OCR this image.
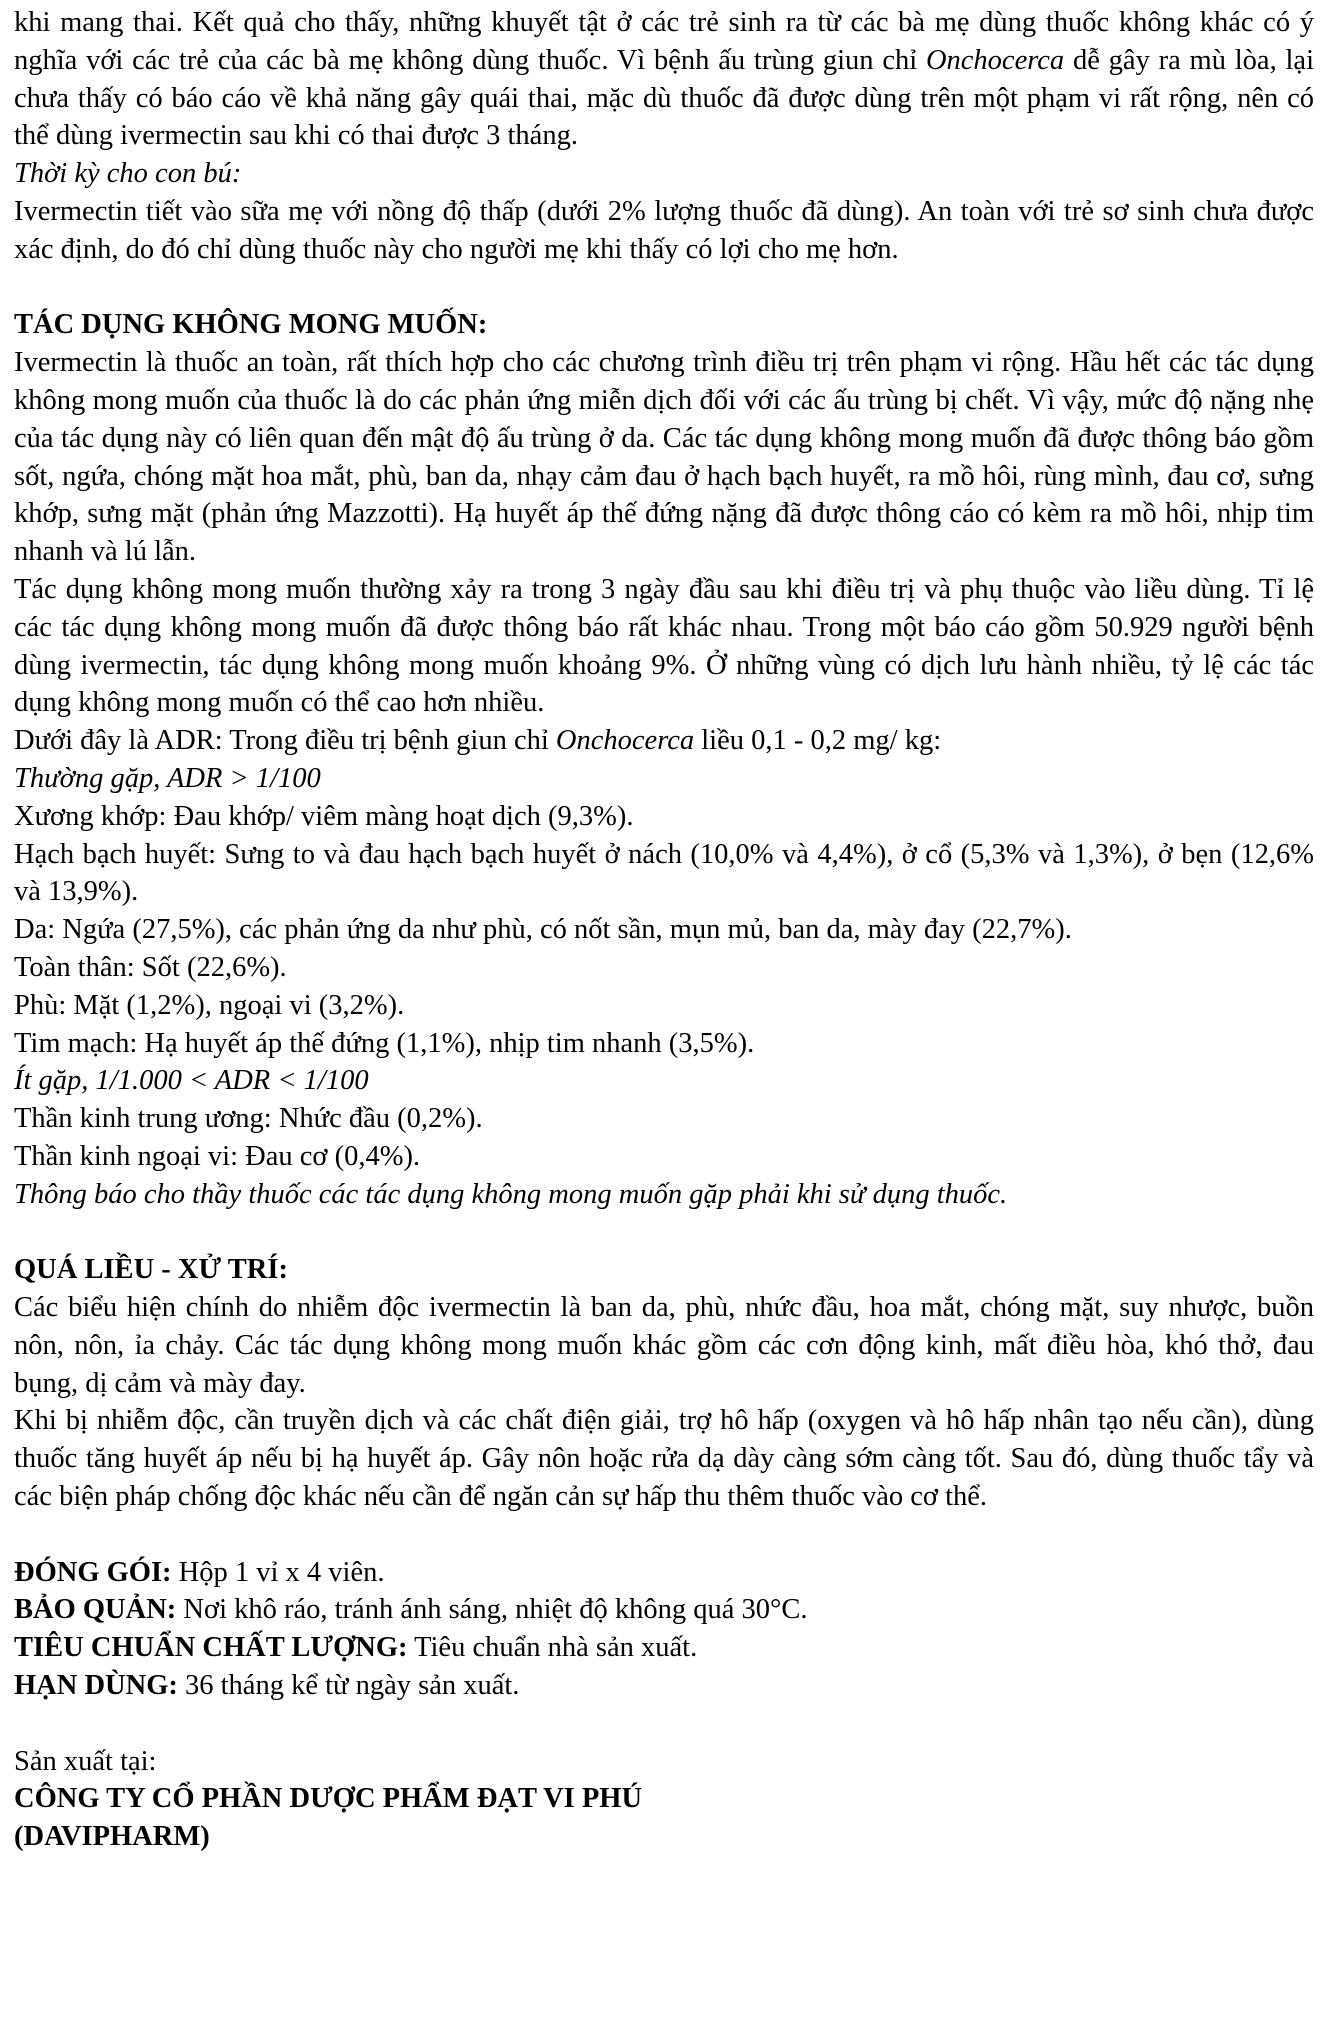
khi mang thai. Kết quả cho thấy, những khuyết tật ở các trẻ sinh ra từ các bà mẹ dùng thuốc không khác có ý nghĩa với các trẻ của các bà mẹ không dùng thuốc. Vì bệnh ấu trùng giun chỉ Onchocerca dễ gây ra mù lòa, lại chưa thấy có báo cáo về khả năng gây quái thai, mặc dù thuốc đã được dùng trên một phạm vi rất rộng, nên có thể dùng ivermectin sau khi có thai được 3 tháng.

Thời kỳ cho con bú:

Ivermectin tiết vào sữa mẹ với nồng độ thấp (dưới 2% lượng thuốc đã dùng). An toàn với trẻ sơ sinh chưa được xác định, do đó chỉ dùng thuốc này cho người mẹ khi thấy có lợi cho mẹ hơn.

TÁC DỤNG KHÔNG MONG MUỐN:

Ivermectin là thuốc an toàn, rất thích hợp cho các chương trình điều trị trên phạm vi rộng. Hầu hết các tác dụng không mong muốn của thuốc là do các phản ứng miễn dịch đối với các ấu trùng bị chết. Vì vậy, mức độ nặng nhẹ của tác dụng này có liên quan đến mật độ ấu trùng ở da. Các tác dụng không mong muốn đã được thông báo gồm sốt, ngứa, chóng mặt hoa mắt, phù, ban da, nhạy cảm đau ở hạch bạch huyết, ra mồ hôi, rùng mình, đau cơ, sưng khớp, sưng mặt (phản ứng Mazzotti). Hạ huyết áp thế đứng nặng đã được thông cáo có kèm ra mồ hôi, nhịp tim nhanh và lú lẫn.

Tác dụng không mong muốn thường xảy ra trong 3 ngày đầu sau khi điều trị và phụ thuộc vào liều dùng. Tỉ lệ các tác dụng không mong muốn đã được thông báo rất khác nhau. Trong một báo cáo gồm 50.929 người bệnh dùng ivermectin, tác dụng không mong muốn khoảng 9%. Ở những vùng có dịch lưu hành nhiều, tỷ lệ các tác dụng không mong muốn có thể cao hơn nhiều.

Dưới đây là ADR: Trong điều trị bệnh giun chỉ Onchocerca liều 0,1 - 0,2 mg/ kg:

Thường gặp, ADR > 1/100

Xương khớp: Đau khớp/ viêm màng hoạt dịch (9,3%).

Hạch bạch huyết: Sưng to và đau hạch bạch huyết ở nách (10,0% và 4,4%), ở cổ (5,3% và 1,3%), ở bẹn (12,6% và 13,9%).

Da: Ngứa (27,5%), các phản ứng da như phù, có nốt sần, mụn mủ, ban da, mày đay (22,7%).

Toàn thân: Sốt (22,6%).

Phù: Mặt (1,2%), ngoại vi (3,2%).

Tim mạch: Hạ huyết áp thế đứng (1,1%), nhịp tim nhanh (3,5%).

Ít gặp, 1/1.000 < ADR < 1/100

Thần kinh trung ương: Nhức đầu (0,2%).

Thần kinh ngoại vi: Đau cơ (0,4%).

Thông báo cho thầy thuốc các tác dụng không mong muốn gặp phải khi sử dụng thuốc.

QUÁ LIỀU - XỬ TRÍ:

Các biểu hiện chính do nhiễm độc ivermectin là ban da, phù, nhức đầu, hoa mắt, chóng mặt, suy nhược, buồn nôn, nôn, ỉa chảy. Các tác dụng không mong muốn khác gồm các cơn động kinh, mất điều hòa, khó thở, đau bụng, dị cảm và mày đay.

Khi bị nhiễm độc, cần truyền dịch và các chất điện giải, trợ hô hấp (oxygen và hô hấp nhân tạo nếu cần), dùng thuốc tăng huyết áp nếu bị hạ huyết áp. Gây nôn hoặc rửa dạ dày càng sớm càng tốt. Sau đó, dùng thuốc tẩy và các biện pháp chống độc khác nếu cần để ngăn cản sự hấp thu thêm thuốc vào cơ thể.

ĐÓNG GÓI: Hộp 1 vỉ x 4 viên.

BẢO QUẢN: Nơi khô ráo, tránh ánh sáng, nhiệt độ không quá 30°C.

TIÊU CHUẨN CHẤT LƯỢNG: Tiêu chuẩn nhà sản xuất.

HẠN DÙNG: 36 tháng kể từ ngày sản xuất.

Sản xuất tại:

CÔNG TY CỔ PHẦN DƯỢC PHẨM ĐẠT VI PHÚ

(DAVIPHARM)
